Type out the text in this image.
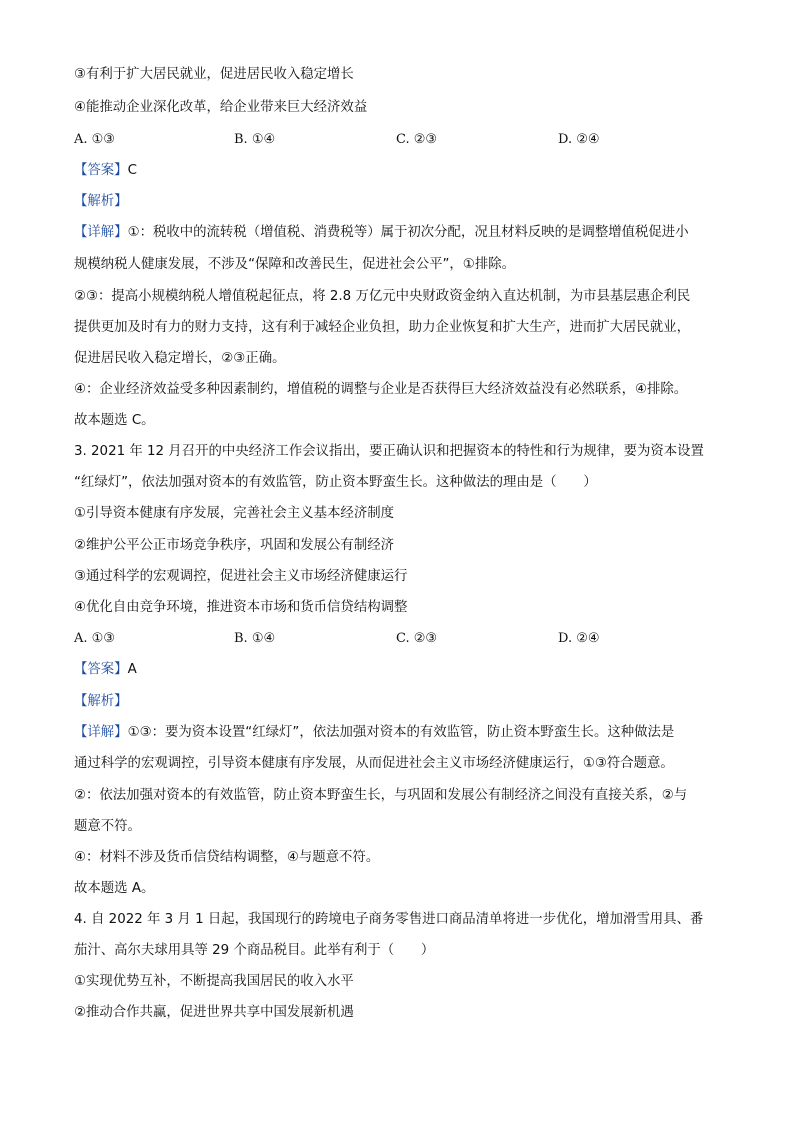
③有利于扩大居民就业，促进居民收入稳定增长
④能推动企业深化改革，给企业带来巨大经济效益
A. ①③	B. ①④	C. ②③	D. ②④
【答案】C
【解析】
【详解】①：税收中的流转税（增值税、消费税等）属于初次分配，况且材料反映的是调整增值税促进小
规模纳税人健康发展，不涉及“保障和改善民生，促进社会公平”，①排除。
②③：提高小规模纳税人增值税起征点，将 2.8 万亿元中央财政资金纳入直达机制，为市县基层惠企利民
提供更加及时有力的财力支持，这有利于减轻企业负担，助力企业恢复和扩大生产，进而扩大居民就业，
促进居民收入稳定增长，②③正确。
④：企业经济效益受多种因素制约，增值税的调整与企业是否获得巨大经济效益没有必然联系，④排除。
故本题选 C。
3. 2021 年 12 月召开的中央经济工作会议指出，要正确认识和把握资本的特性和行为规律，要为资本设置
“红绿灯”，依法加强对资本的有效监管，防止资本野蛮生长。这种做法的理由是（　　）
①引导资本健康有序发展，完善社会主义基本经济制度
②维护公平公正市场竞争秩序，巩固和发展公有制经济
③通过科学的宏观调控，促进社会主义市场经济健康运行
④优化自由竞争环境，推进资本市场和货币信贷结构调整
A. ①③	B. ①④	C. ②③	D. ②④
【答案】A
【解析】
【详解】①③：要为资本设置“红绿灯”，依法加强对资本的有效监管，防止资本野蛮生长。这种做法是
通过科学的宏观调控，引导资本健康有序发展，从而促进社会主义市场经济健康运行，①③符合题意。
②：依法加强对资本的有效监管，防止资本野蛮生长，与巩固和发展公有制经济之间没有直接关系，②与
题意不符。
④：材料不涉及货币信贷结构调整，④与题意不符。
故本题选 A。
4. 自 2022 年 3 月 1 日起，我国现行的跨境电子商务零售进口商品清单将进一步优化，增加滑雪用具、番
茄汁、高尔夫球用具等 29 个商品税目。此举有利于（　　）
①实现优势互补，不断提高我国居民的收入水平
②推动合作共赢，促进世界共享中国发展新机遇
